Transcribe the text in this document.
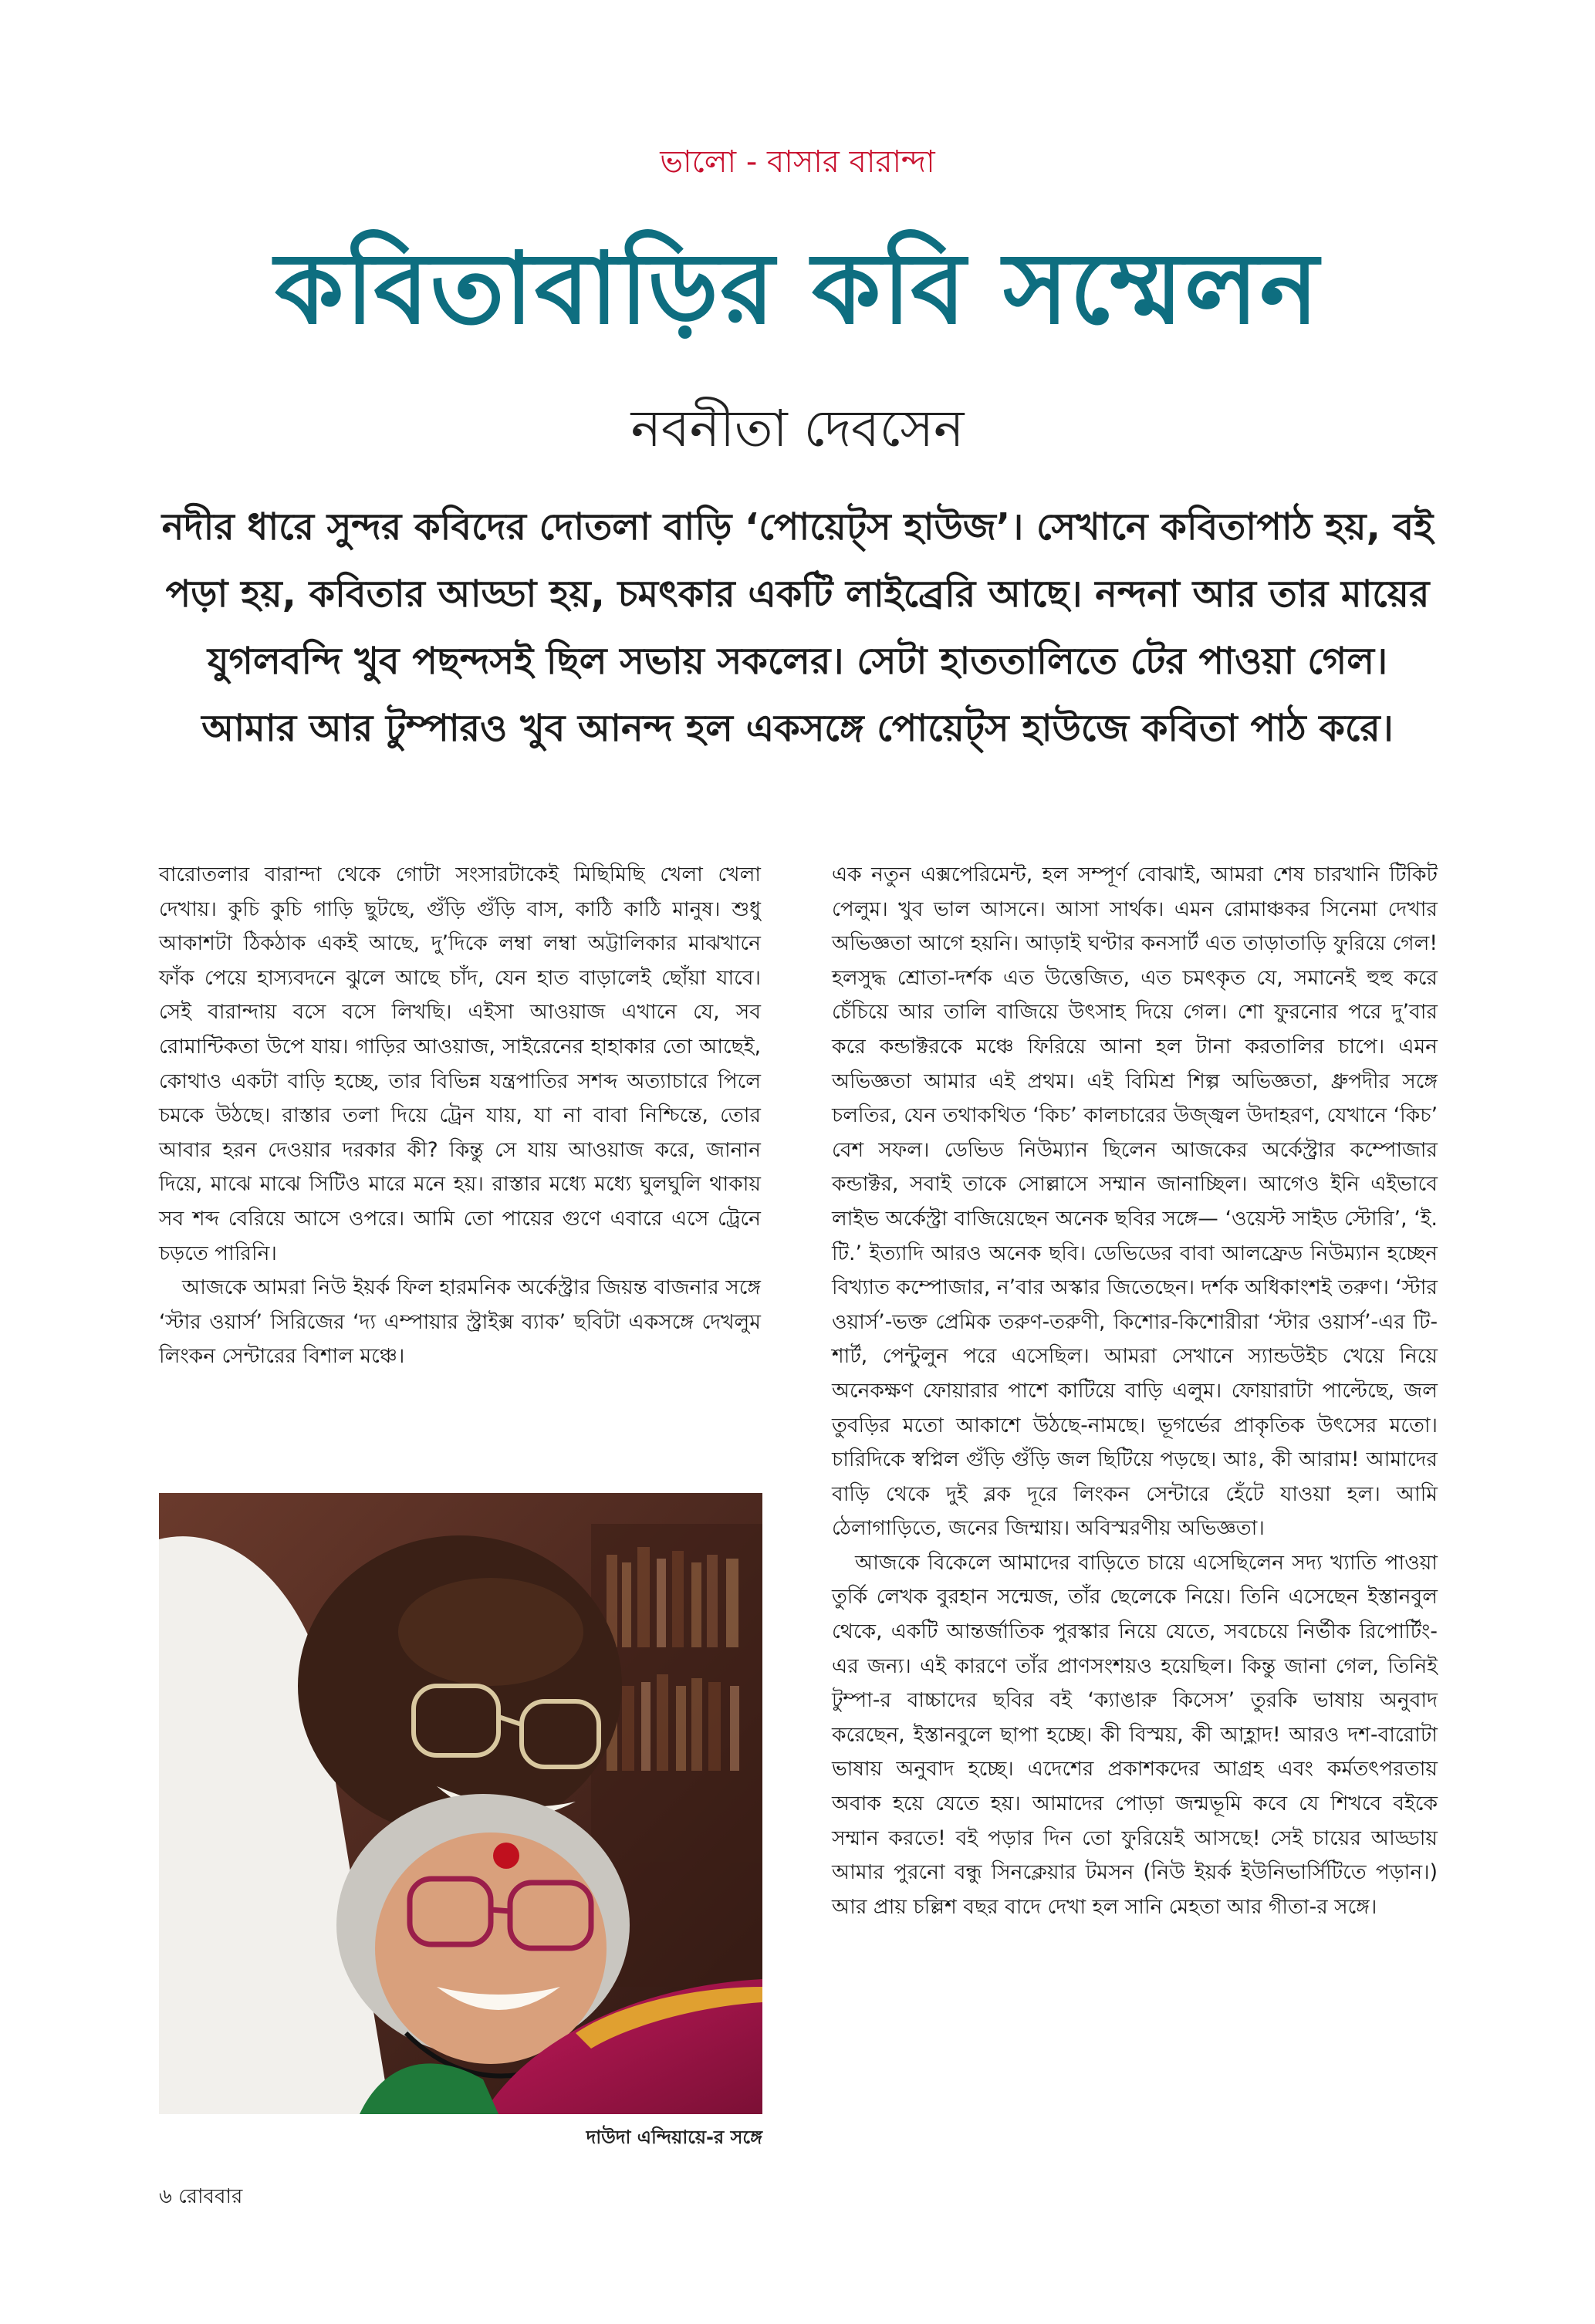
ভালো - বাসার বারান্দা
কবিতাবাড়ির কবি সম্মেলন
নবনীতা দেবসেন

নদীর ধারে সুন্দর কবিদের দোতলা বাড়ি ‘পোয়েট্‌স হাউজ’। সেখানে কবিতাপাঠ হয়, বই পড়া হয়, কবিতার আড্ডা হয়, চমৎকার একটি লাইব্রেরি আছে। নন্দনা আর তার মায়ের যুগলবন্দি খুব পছন্দসই ছিল সভায় সকলের। সেটা হাততালিতে টের পাওয়া গেল। আমার আর টুম্পারও খুব আনন্দ হল একসঙ্গে পোয়েট্‌স হাউজে কবিতা পাঠ করে।

বারোতলার বারান্দা থেকে গোটা সংসারটাকেই মিছিমিছি খেলা খেলা দেখায়। কুচি কুচি গাড়ি ছুটছে, গুঁড়ি গুঁড়ি বাস, কাঠি কাঠি মানুষ। শুধু আকাশটা ঠিকঠাক একই আছে, দু’দিকে লম্বা লম্বা অট্টালিকার মাঝখানে ফাঁক পেয়ে হাস্যবদনে ঝুলে আছে চাঁদ, যেন হাত বাড়ালেই ছোঁয়া যাবে। সেই বারান্দায় বসে বসে লিখছি। এইসা আওয়াজ এখানে যে, সব রোমান্টিকতা উপে যায়। গাড়ির আওয়াজ, সাইরেনের হাহাকার তো আছেই, কোথাও একটা বাড়ি হচ্ছে, তার বিভিন্ন যন্ত্রপাতির সশব্দ অত্যাচারে পিলে চমকে উঠছে। রাস্তার তলা দিয়ে ট্রেন যায়, যা না বাবা নিশ্চিন্তে, তোর আবার হরন দেওয়ার দরকার কী? কিন্তু সে যায় আওয়াজ করে, জানান দিয়ে, মাঝে মাঝে সিটিও মারে মনে হয়। রাস্তার মধ্যে মধ্যে ঘুলঘুলি থাকায় সব শব্দ বেরিয়ে আসে ওপরে। আমি তো পায়ের গুণে এবারে এসে ট্রেনে চড়তে পারিনি।

আজকে আমরা নিউ ইয়র্ক ফিল হারমনিক অর্কেস্ট্রার জিয়ন্ত বাজনার সঙ্গে ‘স্টার ওয়ার্স’ সিরিজের ‘দ্য এম্পায়ার স্ট্রাইক্স ব্যাক’ ছবিটা একসঙ্গে দেখলুম লিংকন সেন্টারের বিশাল মঞ্চে।

দাউদা এন্দিয়ায়ে-র সঙ্গে

এক নতুন এক্সপেরিমেন্ট, হল সম্পূর্ণ বোঝাই, আমরা শেষ চারখানি টিকিট পেলুম। খুব ভাল আসনে। আসা সার্থক। এমন রোমাঞ্চকর সিনেমা দেখার অভিজ্ঞতা আগে হয়নি। আড়াই ঘণ্টার কনসার্ট এত তাড়াতাড়ি ফুরিয়ে গেল! হলসুদ্ধ শ্রোতা-দর্শক এত উত্তেজিত, এত চমৎকৃত যে, সমানেই হুহু করে চেঁচিয়ে আর তালি বাজিয়ে উৎসাহ দিয়ে গেল। শো ফুরনোর পরে দু’বার করে কন্ডাক্টরকে মঞ্চে ফিরিয়ে আনা হল টানা করতালির চাপে। এমন অভিজ্ঞতা আমার এই প্রথম। এই বিমিশ্র শিল্প অভিজ্ঞতা, ধ্রুপদীর সঙ্গে চলতির, যেন তথাকথিত ‘কিচ’ কালচারের উজ্জ্বল উদাহরণ, যেখানে ‘কিচ’ বেশ সফল। ডেভিড নিউম্যান ছিলেন আজকের অর্কেস্ট্রার কম্পোজার কন্ডাক্টর, সবাই তাকে সোল্লাসে সম্মান জানাচ্ছিল। আগেও ইনি এইভাবে লাইভ অর্কেস্ট্রা বাজিয়েছেন অনেক ছবির সঙ্গে— ‘ওয়েস্ট সাইড স্টোরি’, ‘ই. টি.’ ইত্যাদি আরও অনেক ছবি। ডেভিডের বাবা আলফ্রেড নিউম্যান হচ্ছেন বিখ্যাত কম্পোজার, ন’বার অস্কার জিতেছেন। দর্শক অধিকাংশই তরুণ। ‘স্টার ওয়ার্স’-ভক্ত প্রেমিক তরুণ-তরুণী, কিশোর-কিশোরীরা ‘স্টার ওয়ার্স’-এর টি-শার্ট, পেন্টুলুন পরে এসেছিল। আমরা সেখানে স্যান্ডউইচ খেয়ে নিয়ে অনেকক্ষণ ফোয়ারার পাশে কাটিয়ে বাড়ি এলুম। ফোয়ারাটা পাল্টেছে, জল তুবড়ির মতো আকাশে উঠছে-নামছে। ভূগর্ভের প্রাকৃতিক উৎসের মতো। চারিদিকে স্বপ্নিল গুঁড়ি গুঁড়ি জল ছিটিয়ে পড়ছে। আঃ, কী আরাম! আমাদের বাড়ি থেকে দুই ব্লক দূরে লিংকন সেন্টারে হেঁটে যাওয়া হল। আমি ঠেলাগাড়িতে, জনের জিম্মায়। অবিস্মরণীয় অভিজ্ঞতা।

আজকে বিকেলে আমাদের বাড়িতে চায়ে এসেছিলেন সদ্য খ্যাতি পাওয়া তুর্কি লেখক বুরহান সন্মেজ, তাঁর ছেলেকে নিয়ে। তিনি এসেছেন ইস্তানবুল থেকে, একটি আন্তর্জাতিক পুরস্কার নিয়ে যেতে, সবচেয়ে নির্ভীক রিপোর্টিং-এর জন্য। এই কারণে তাঁর প্রাণসংশয়ও হয়েছিল। কিন্তু জানা গেল, তিনিই টুম্পা-র বাচ্চাদের ছবির বই ‘ক্যাঙারু কিসেস’ তুরকি ভাষায় অনুবাদ করেছেন, ইস্তানবুলে ছাপা হচ্ছে। কী বিস্ময়, কী আহ্লাদ! আরও দশ-বারোটা ভাষায় অনুবাদ হচ্ছে। এদেশের প্রকাশকদের আগ্রহ এবং কর্মতৎপরতায় অবাক হয়ে যেতে হয়। আমাদের পোড়া জন্মভূমি কবে যে শিখবে বইকে সম্মান করতে! বই পড়ার দিন তো ফুরিয়েই আসছে! সেই চায়ের আড্ডায় আমার পুরনো বন্ধু সিনক্লেয়ার টমসন (নিউ ইয়র্ক ইউনিভার্সিটিতে পড়ান।) আর প্রায় চল্লিশ বছর বাদে দেখা হল সানি মেহতা আর গীতা-র সঙ্গে।

৬ রোববার
